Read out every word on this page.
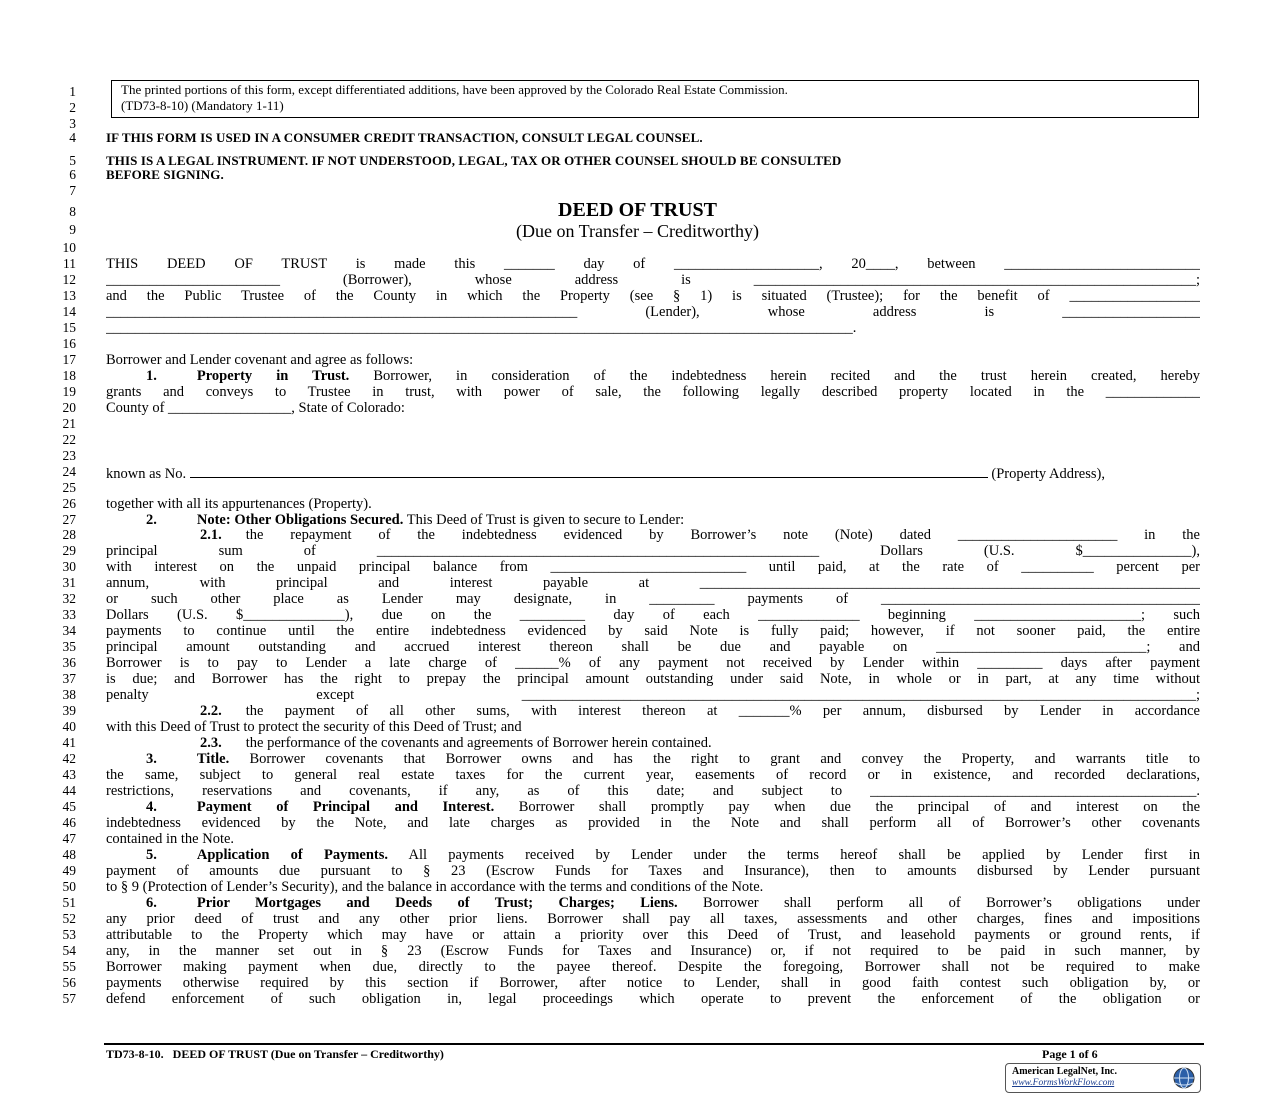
1
2
3
4
5
6
7
8
9
10
11
12
13
14
15
16
17
18
19
20
21
22
23
24
25
26
27
28
29
30
31
32
33
34
35
36
37
38
39
40
41
42
43
44
45
46
47
48
49
50
51
52
53
54
55
56
57
The printed portions of this form, except differentiated additions, have been approved by the Colorado Real Estate Commission.
(TD73-8-10) (Mandatory 1-11)
IF THIS FORM IS USED IN A CONSUMER CREDIT TRANSACTION, CONSULT LEGAL COUNSEL.
THIS IS A LEGAL INSTRUMENT. IF NOT UNDERSTOOD, LEGAL, TAX OR OTHER COUNSEL SHOULD BE CONSULTED
BEFORE SIGNING.
DEED OF TRUST
(Due on Transfer – Creditworthy)
THIS DEED OF TRUST is made this _______ day of ____________________, 20____, between ___________________________
________________________ (Borrower), whose address is _____________________________________________________________;
and the Public Trustee of the County in which the Property (see § 1) is situated (Trustee); for the benefit of __________________
_________________________________________________________________ (Lender), whose address is ___________________
_______________________________________________________________________________________________________.
Borrower and Lender covenant and agree as follows:
1.	Property in Trust. Borrower, in consideration of the indebtedness herein recited and the trust herein created, hereby
grants and conveys to Trustee in trust, with power of sale, the following legally described property located in the _____________
County of _________________, State of Colorado:
known as No.	(Property Address),
together with all its appurtenances (Property).
2.	Note: Other Obligations Secured. This Deed of Trust is given to secure to Lender:
2.1. the repayment of the indebtedness evidenced by Borrower’s note (Note) dated ______________________ in the
principal sum of _____________________________________________________________ Dollars (U.S. $_______________),
with interest on the unpaid principal balance from ___________________________ until paid, at the rate of __________ percent per
annum, with principal and interest payable at _____________________________________________________________________
or such other place as Lender may designate, in _________ payments of ____________________________________________
Dollars (U.S. $______________), due on the _________ day of each ______________ beginning _______________________; such
payments to continue until the entire indebtedness evidenced by said Note is fully paid; however, if not sooner paid, the entire
principal amount outstanding and accrued interest thereon shall be due and payable on _____________________________; and
Borrower is to pay to Lender a late charge of ______% of any payment not received by Lender within _________ days after payment
is due; and Borrower has the right to prepay the principal amount outstanding under said Note, in whole or in part, at any time without
penalty except _____________________________________________________________________________________________;
2.2. the payment of all other sums, with interest thereon at _______% per annum, disbursed by Lender in accordance
with this Deed of Trust to protect the security of this Deed of Trust; and
2.3. the performance of the covenants and agreements of Borrower herein contained.
3.	Title. Borrower covenants that Borrower owns and has the right to grant and convey the Property, and warrants title to
the same, subject to general real estate taxes for the current year, easements of record or in existence, and recorded declarations,
restrictions, reservations and covenants, if any, as of this date; and subject to _____________________________________________.
4.	Payment of Principal and Interest. Borrower shall promptly pay when due the principal of and interest on the
indebtedness evidenced by the Note, and late charges as provided in the Note and shall perform all of Borrower’s other covenants
contained in the Note.
5.	Application of Payments. All payments received by Lender under the terms hereof shall be applied by Lender first in
payment of amounts due pursuant to § 23 (Escrow Funds for Taxes and Insurance), then to amounts disbursed by Lender pursuant
to § 9 (Protection of Lender’s Security), and the balance in accordance with the terms and conditions of the Note.
6.	Prior Mortgages and Deeds of Trust; Charges; Liens. Borrower shall perform all of Borrower’s obligations under
any prior deed of trust and any other prior liens. Borrower shall pay all taxes, assessments and other charges, fines and impositions
attributable to the Property which may have or attain a priority over this Deed of Trust, and leasehold payments or ground rents, if
any, in the manner set out in § 23 (Escrow Funds for Taxes and Insurance) or, if not required to be paid in such manner, by
Borrower making payment when due, directly to the payee thereof. Despite the foregoing, Borrower shall not be required to make
payments otherwise required by this section if Borrower, after notice to Lender, shall in good faith contest such obligation by, or
defend enforcement of such obligation in, legal proceedings which operate to prevent the enforcement of the obligation or
TD73-8-10. DEED OF TRUST (Due on Transfer – Creditworthy)	Page 1 of 6
American LegalNet, Inc.
www.FormsWorkFlow.com
